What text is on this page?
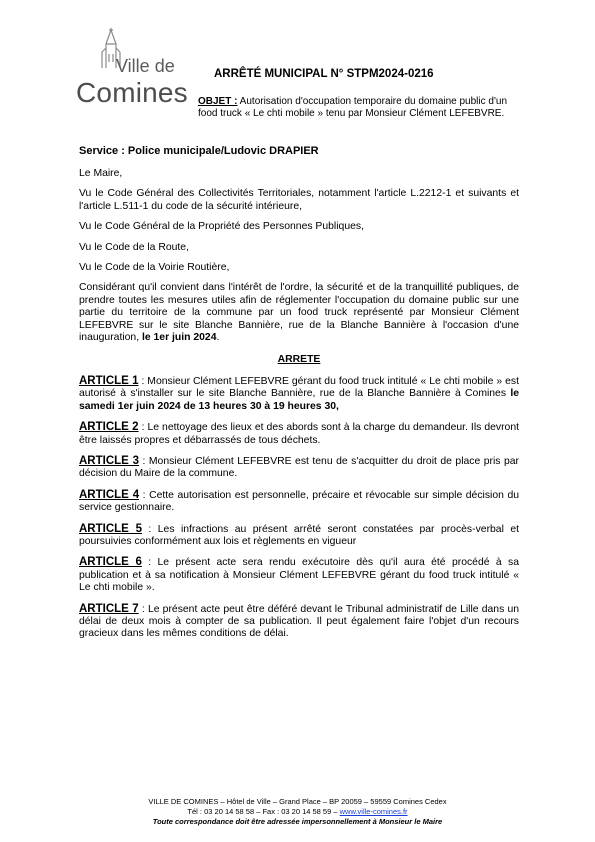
Ville de
Comines
ARRÊTÉ MUNICIPAL N° STPM2024-0216
OBJET : Autorisation d'occupation temporaire du domaine public d'un food truck « Le chti mobile » tenu par Monsieur Clément LEFEBVRE.
Service : Police municipale/Ludovic DRAPIER

Le Maire,

Vu le Code Général des Collectivités Territoriales, notamment l'article L.2212-1 et suivants et l'article L.511-1 du code de la sécurité intérieure,

Vu le Code Général de la Propriété des Personnes Publiques,

Vu le Code de la Route,

Vu le Code de la Voirie Routière,

Considérant qu'il convient dans l'intérêt de l'ordre, la sécurité et de la tranquillité publiques, de prendre toutes les mesures utiles afin de réglementer l'occupation du domaine public sur une partie du territoire de la commune par un food truck représenté par Monsieur Clément LEFEBVRE sur le site Blanche Bannière, rue de la Blanche Bannière à l'occasion d'une inauguration, le 1er juin 2024.

ARRETE

ARTICLE 1 : Monsieur Clément LEFEBVRE gérant du food truck intitulé « Le chti mobile » est autorisé à s'installer sur le site Blanche Bannière, rue de la Blanche Bannière à Comines le samedi 1er juin 2024 de 13 heures 30 à 19 heures 30,

ARTICLE 2 : Le nettoyage des lieux et des abords sont à la charge du demandeur. Ils devront être laissés propres et débarrassés de tous déchets.

ARTICLE 3 : Monsieur Clément LEFEBVRE est tenu de s'acquitter du droit de place pris par décision du Maire de la commune.

ARTICLE 4 : Cette autorisation est personnelle, précaire et révocable sur simple décision du service gestionnaire.

ARTICLE 5 : Les infractions au présent arrêté seront constatées par procès-verbal et poursuivies conformément aux lois et règlements en vigueur

ARTICLE 6 : Le présent acte sera rendu exécutoire dès qu'il aura été procédé à sa publication et à sa notification à Monsieur Clément LEFEBVRE gérant du food truck intitulé « Le chti mobile ».

ARTICLE 7 : Le présent acte peut être déféré devant le Tribunal administratif de Lille dans un délai de deux mois à compter de sa publication. Il peut également faire l'objet d'un recours gracieux dans les mêmes conditions de délai.

VILLE DE COMINES – Hôtel de Ville – Grand Place – BP 20059 – 59559 Comines Cedex
Tél : 03 20 14 58 58 – Fax : 03 20 14 58 59 – www.ville-comines.fr
Toute correspondance doit être adressée impersonnellement à Monsieur le Maire
